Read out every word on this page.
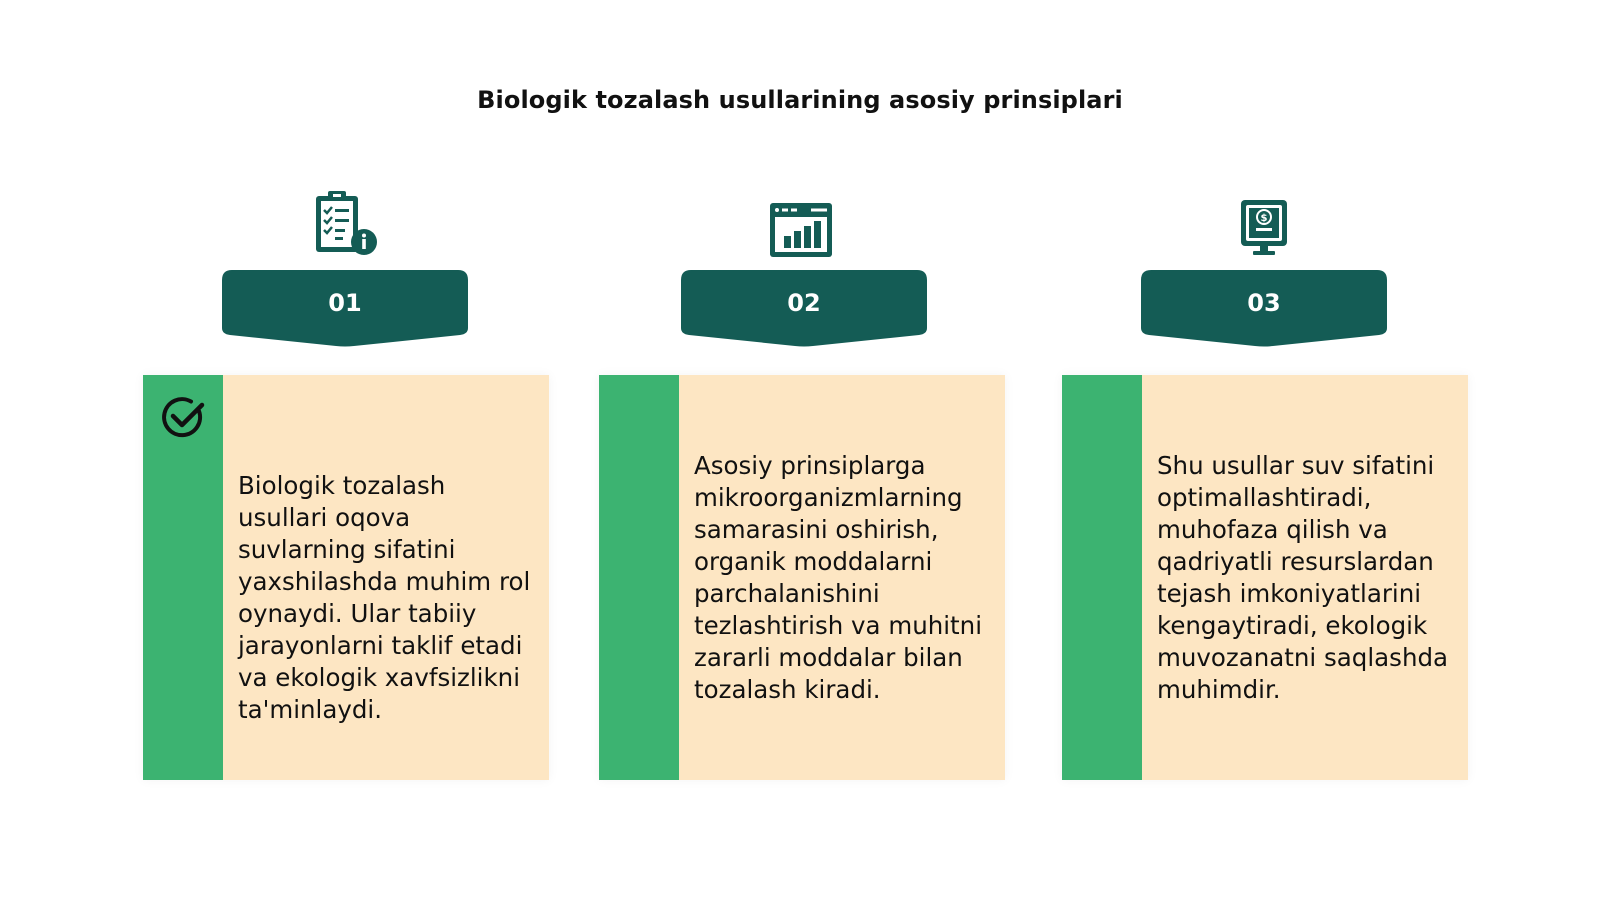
Biologik tozalash usullarining asosiy prinsiplari
01
Biologik tozalash usullari oqova suvlarning sifatini yaxshilashda muhim rol oynaydi. Ular tabiiy jarayonlarni taklif etadi va ekologik xavfsizlikni ta'minlaydi.
02
Asosiy prinsiplarga mikroorganizmlarning samarasini oshirish, organik moddalarni parchalanishini tezlashtirish va muhitni zararli moddalar bilan tozalash kiradi.
$
03
Shu usullar suv sifatini optimallashtiradi, muhofaza qilish va qadriyatli resurslardan tejash imkoniyatlarini kengaytiradi, ekologik muvozanatni saqlashda muhimdir.
